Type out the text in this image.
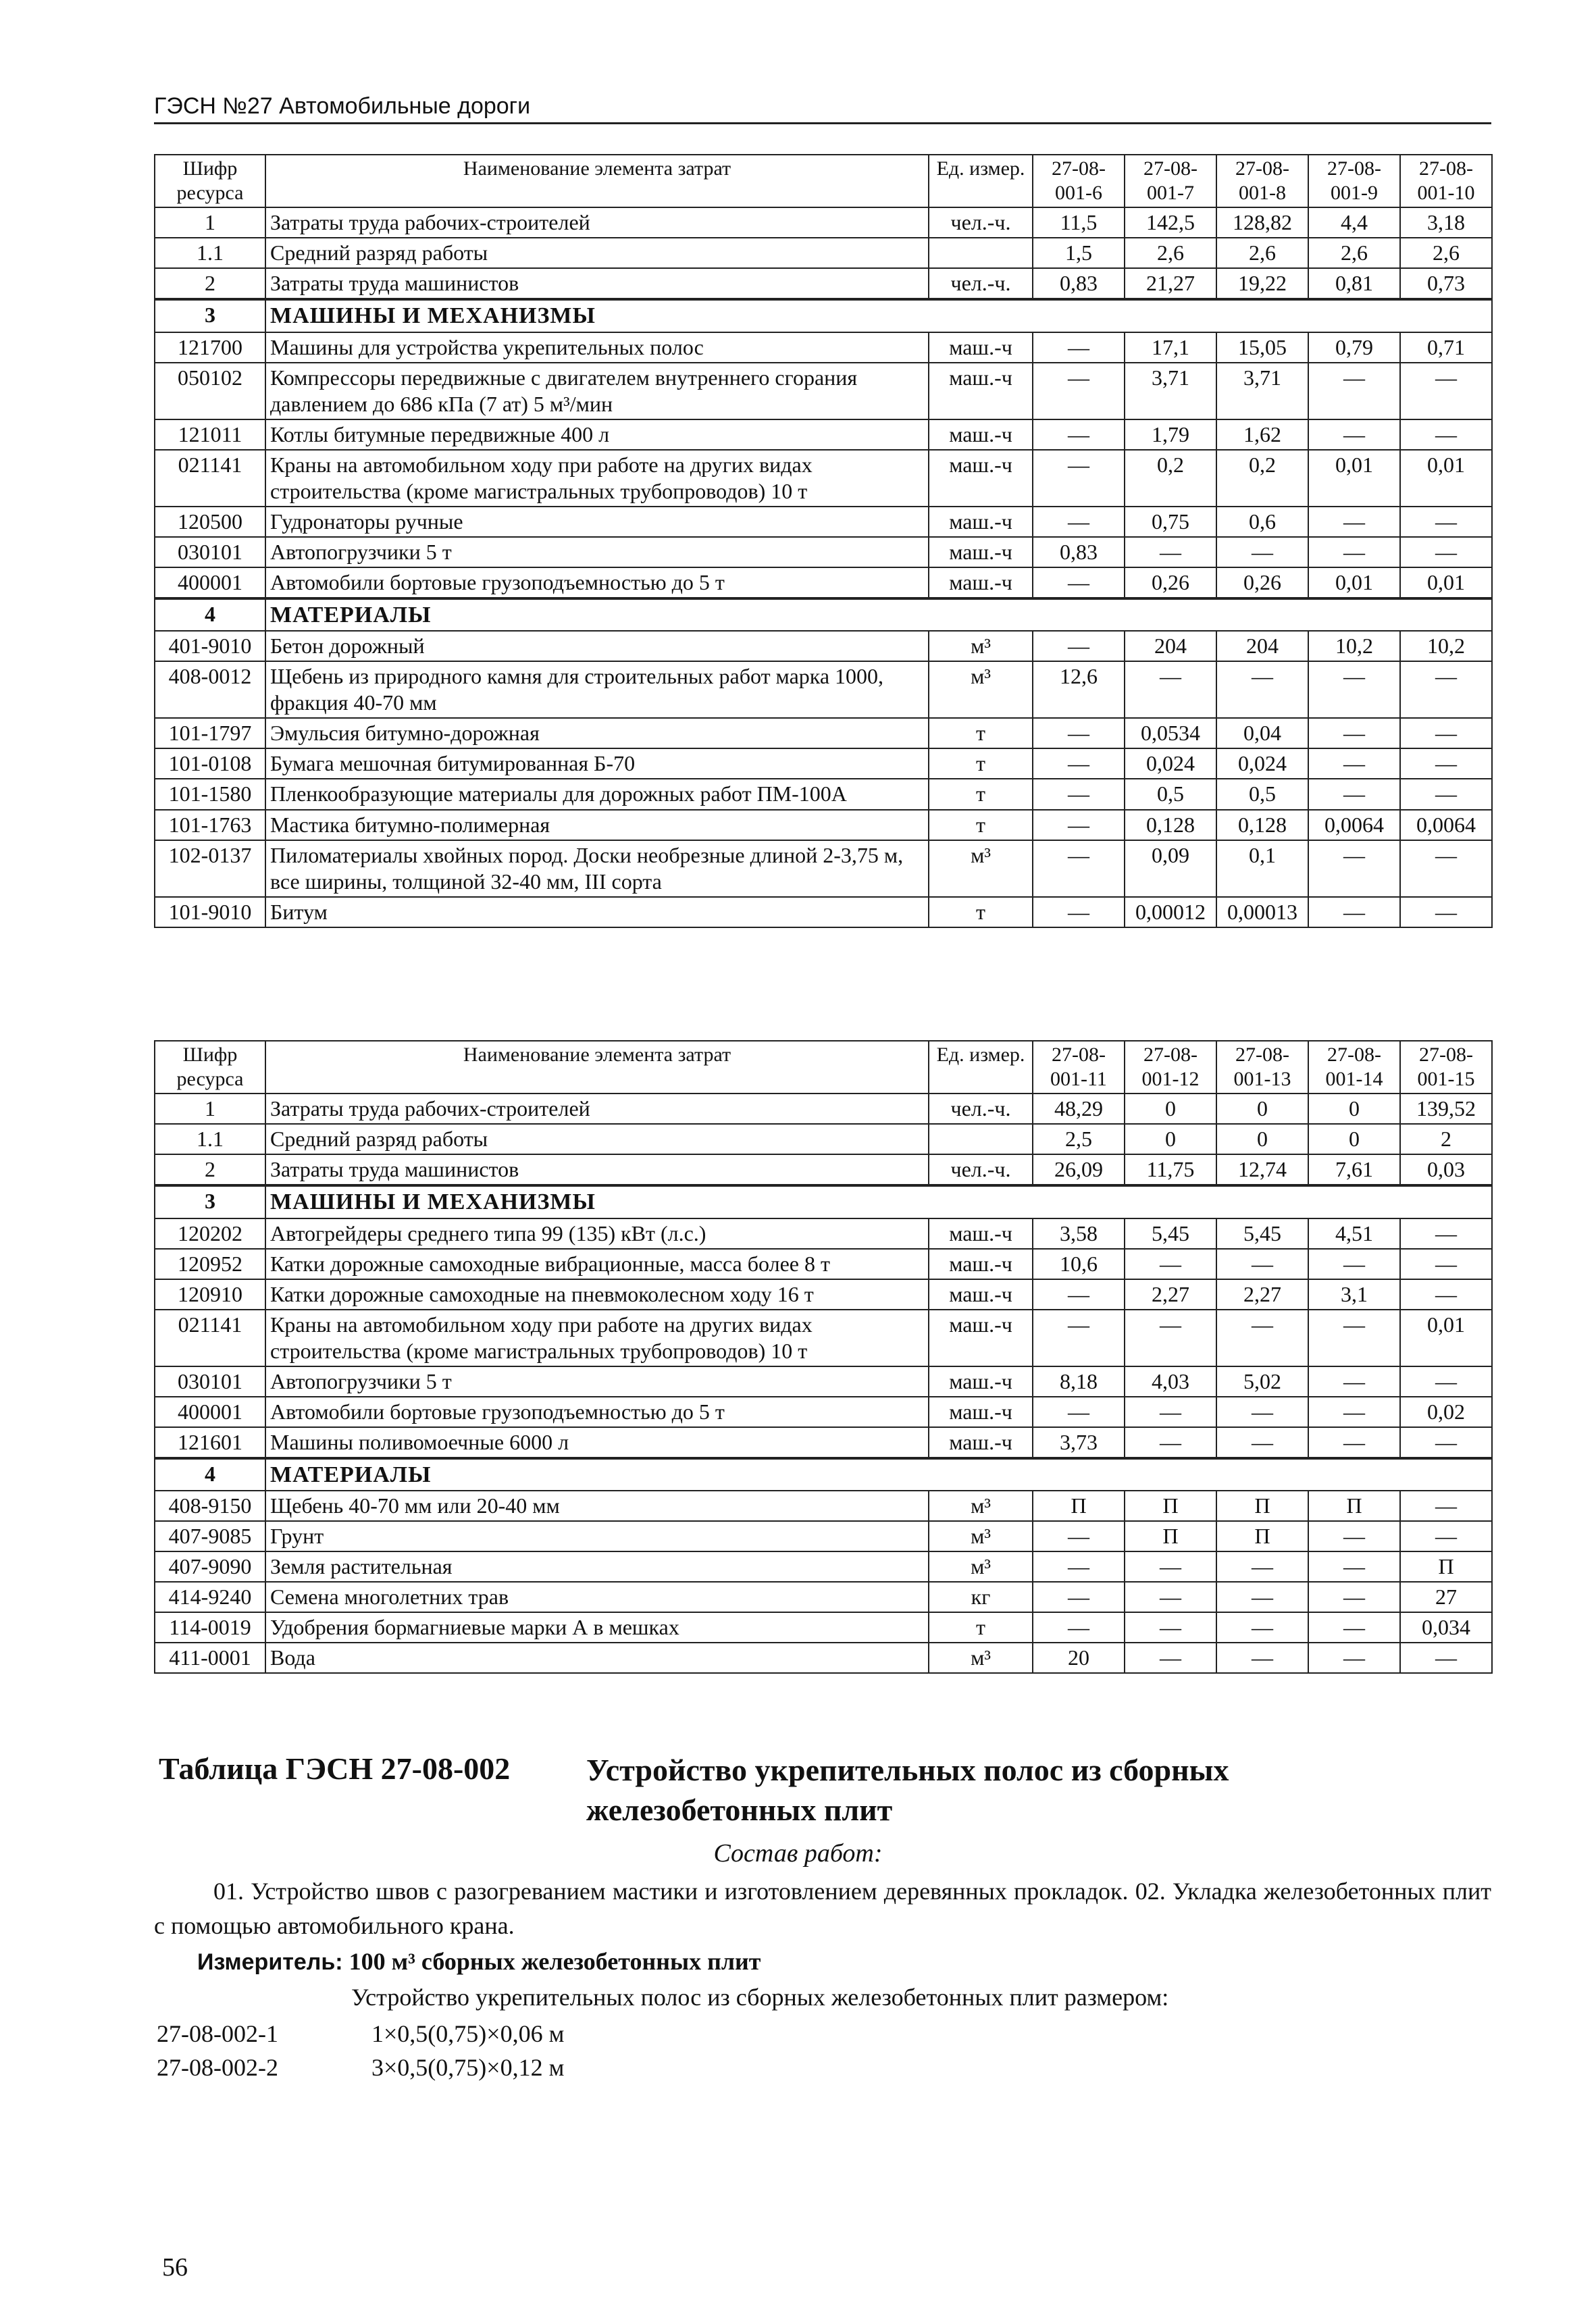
ГЭСН №27 Автомобильные дороги
Шифр ресурса	Наименование элемента затрат	Ед. измер.	27-08-001-6	27-08-001-7	27-08-001-8	27-08-001-9	27-08-001-10
1	Затраты труда рабочих-строителей	чел.-ч.	11,5	142,5	128,82	4,4	3,18
1.1	Средний разряд работы		1,5	2,6	2,6	2,6	2,6
2	Затраты труда машинистов	чел.-ч.	0,83	21,27	19,22	0,81	0,73
3	МАШИНЫ И МЕХАНИЗМЫ						
121700	Машины для устройства укрепительных полос	маш.-ч	—	17,1	15,05	0,79	0,71
050102	Компрессоры передвижные с двигателем внутреннего сгорания давлением до 686 кПа (7 ат) 5 м³/мин	маш.-ч	—	3,71	3,71	—	—
121011	Котлы битумные передвижные 400 л	маш.-ч	—	1,79	1,62	—	—
021141	Краны на автомобильном ходу при работе на других видах строительства (кроме магистральных трубопроводов) 10 т	маш.-ч	—	0,2	0,2	0,01	0,01
120500	Гудронаторы ручные	маш.-ч	—	0,75	0,6	—	—
030101	Автопогрузчики 5 т	маш.-ч	0,83	—	—	—	—
400001	Автомобили бортовые грузоподъемностью до 5 т	маш.-ч	—	0,26	0,26	0,01	0,01
4	МАТЕРИАЛЫ						
401-9010	Бетон дорожный	м³	—	204	204	10,2	10,2
408-0012	Щебень из природного камня для строительных работ марка 1000, фракция 40-70 мм	м³	12,6	—	—	—	—
101-1797	Эмульсия битумно-дорожная	т	—	0,0534	0,04	—	—
101-0108	Бумага мешочная битумированная Б-70	т	—	0,024	0,024	—	—
101-1580	Пленкообразующие материалы для дорожных работ ПМ-100А	т	—	0,5	0,5	—	—
101-1763	Мастика битумно-полимерная	т	—	0,128	0,128	0,0064	0,0064
102-0137	Пиломатериалы хвойных пород. Доски необрезные длиной 2-3,75 м, все ширины, толщиной 32-40 мм, III сорта	м³	—	0,09	0,1	—	—
101-9010	Битум	т	—	0,00012	0,00013	—	—
Шифр ресурса	Наименование элемента затрат	Ед. измер.	27-08-001-11	27-08-001-12	27-08-001-13	27-08-001-14	27-08-001-15
1	Затраты труда рабочих-строителей	чел.-ч.	48,29	0	0	0	139,52
1.1	Средний разряд работы		2,5	0	0	0	2
2	Затраты труда машинистов	чел.-ч.	26,09	11,75	12,74	7,61	0,03
3	МАШИНЫ И МЕХАНИЗМЫ						
120202	Автогрейдеры среднего типа 99 (135) кВт (л.с.)	маш.-ч	3,58	5,45	5,45	4,51	—
120952	Катки дорожные самоходные вибрационные, масса более 8 т	маш.-ч	10,6	—	—	—	—
120910	Катки дорожные самоходные на пневмоколесном ходу 16 т	маш.-ч	—	2,27	2,27	3,1	—
021141	Краны на автомобильном ходу при работе на других видах строительства (кроме магистральных трубопроводов) 10 т	маш.-ч	—	—	—	—	0,01
030101	Автопогрузчики 5 т	маш.-ч	8,18	4,03	5,02	—	—
400001	Автомобили бортовые грузоподъемностью до 5 т	маш.-ч	—	—	—	—	0,02
121601	Машины поливомоечные 6000 л	маш.-ч	3,73	—	—	—	—
4	МАТЕРИАЛЫ						
408-9150	Щебень 40-70 мм или 20-40 мм	м³	П	П	П	П	—
407-9085	Грунт	м³	—	П	П	—	—
407-9090	Земля растительная	м³	—	—	—	—	П
414-9240	Семена многолетних трав	кг	—	—	—	—	27
114-0019	Удобрения бормагниевые марки А в мешках	т	—	—	—	—	0,034
411-0001	Вода	м³	20	—	—	—	—
Таблица ГЭСН 27-08-002 Устройство укрепительных полос из сборных железобетонных плит
Состав работ:
01. Устройство швов с разогреванием мастики и изготовлением деревянных прокладок. 02. Укладка железобетонных плит с помощью автомобильного крана.
Измеритель: 100 м³ сборных железобетонных плит
Устройство укрепительных полос из сборных железобетонных плит размером:
27-08-002-1	1×0,5(0,75)×0,06 м
27-08-002-2	3×0,5(0,75)×0,12 м
56
